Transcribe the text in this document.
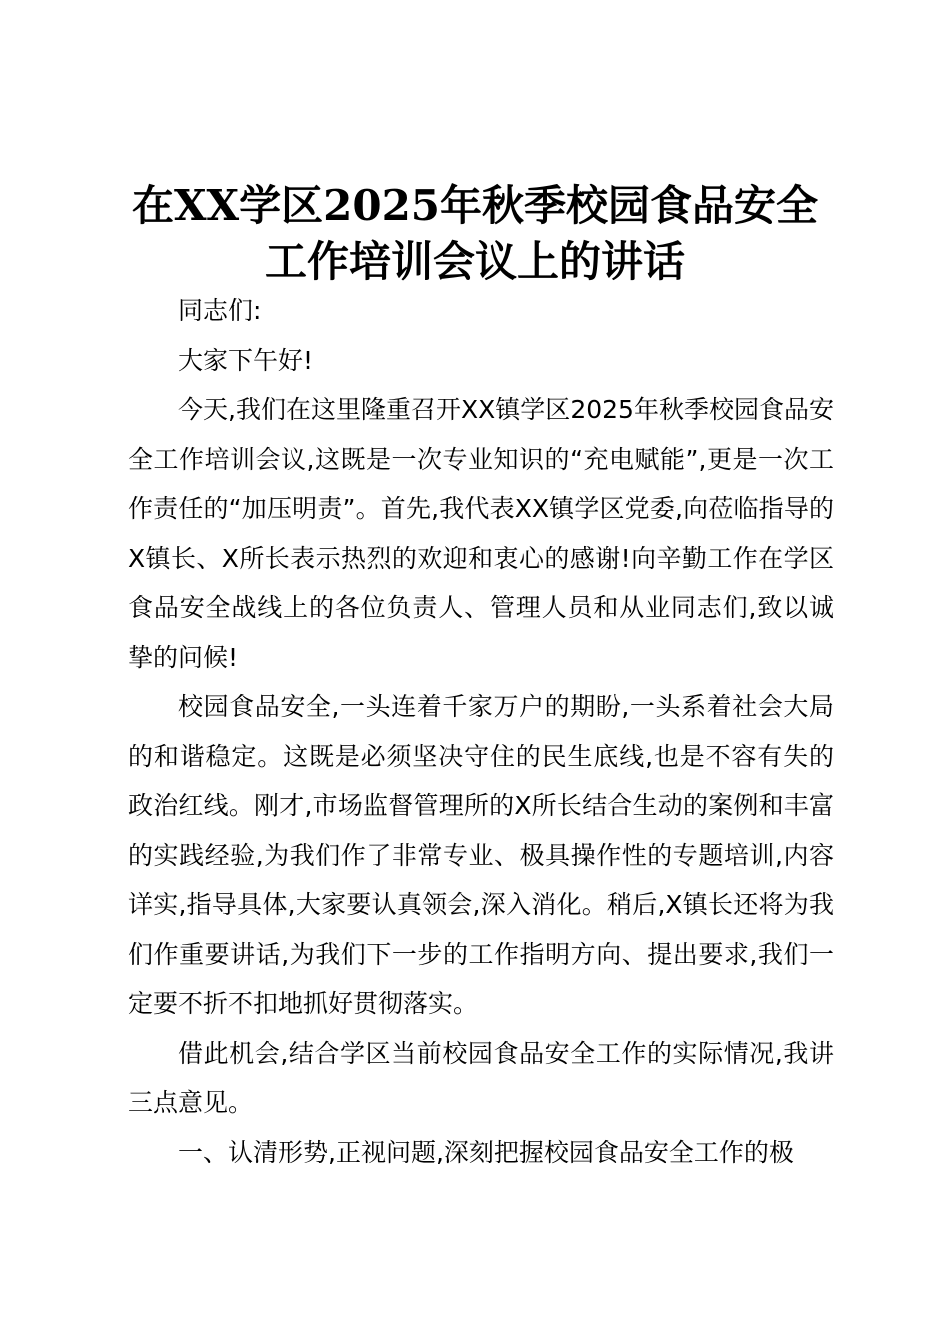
在XX学区2025年秋季校园食品安全工作培训会议上的讲话

同志们:

大家下午好!

今天,我们在这里隆重召开XX镇学区2025年秋季校园食品安全工作培训会议,这既是一次专业知识的“充电赋能”,更是一次工作责任的“加压明责”。首先,我代表XX镇学区党委,向莅临指导的X镇长、X所长表示热烈的欢迎和衷心的感谢!向辛勤工作在学区食品安全战线上的各位负责人、管理人员和从业同志们,致以诚挚的问候!

校园食品安全,一头连着千家万户的期盼,一头系着社会大局的和谐稳定。这既是必须坚决守住的民生底线,也是不容有失的政治红线。刚才,市场监督管理所的X所长结合生动的案例和丰富的实践经验,为我们作了非常专业、极具操作性的专题培训,内容详实,指导具体,大家要认真领会,深入消化。稍后,X镇长还将为我们作重要讲话,为我们下一步的工作指明方向、提出要求,我们一定要不折不扣地抓好贯彻落实。

借此机会,结合学区当前校园食品安全工作的实际情况,我讲三点意见。

一、认清形势,正视问题,深刻把握校园食品安全工作的极
